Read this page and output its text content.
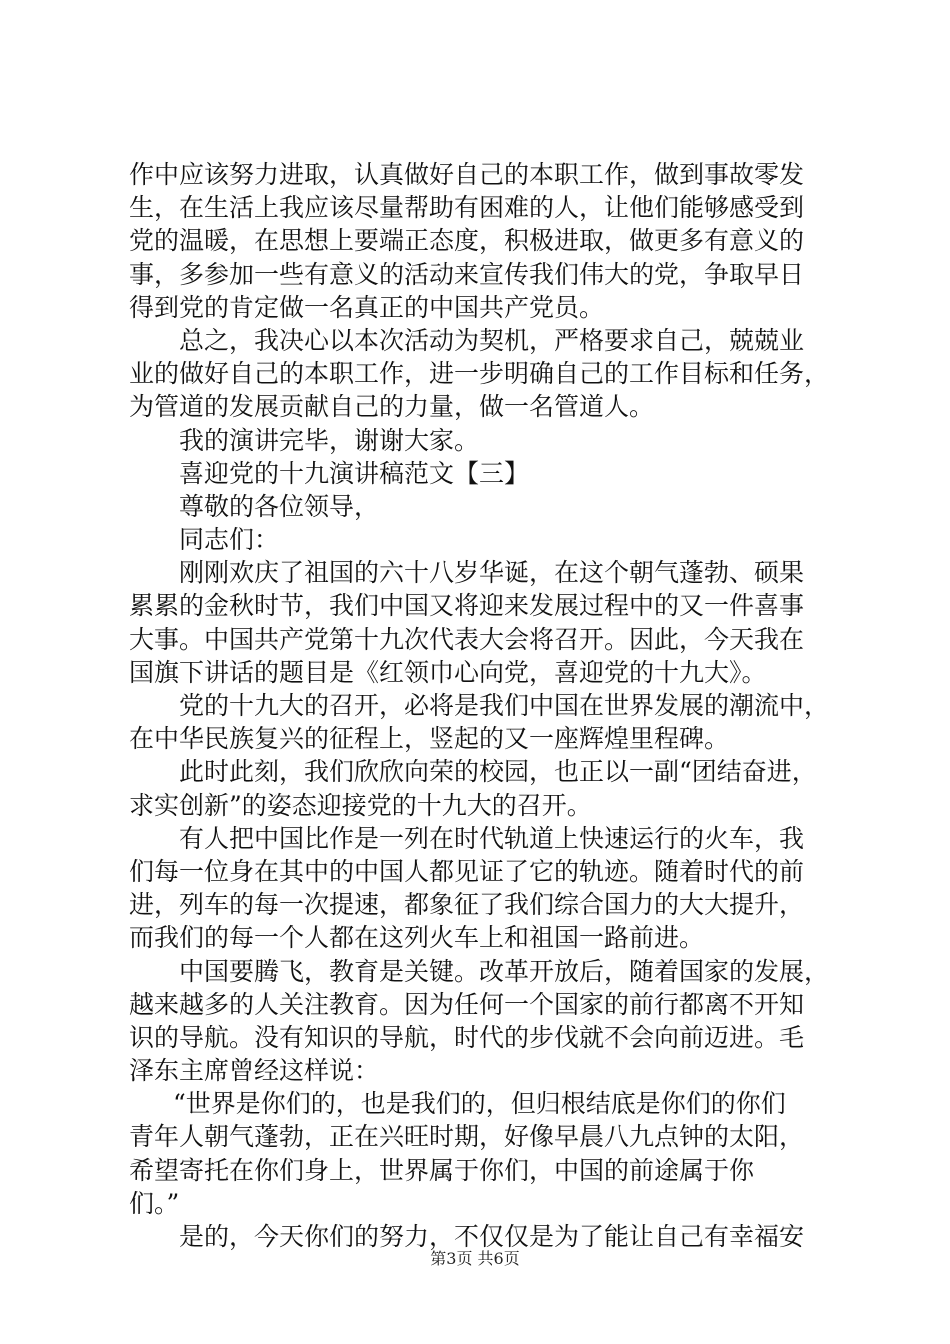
作中应该努力进取，认真做好自己的本职工作，做到事故零发
生，在生活上我应该尽量帮助有困难的人，让他们能够感受到
党的温暖，在思想上要端正态度，积极进取，做更多有意义的
事，多参加一些有意义的活动来宣传我们伟大的党，争取早日
得到党的肯定做一名真正的中国共产党员。
总之，我决心以本次活动为契机，严格要求自己，兢兢业
业的做好自己的本职工作，进一步明确自己的工作目标和任务，
为管道的发展贡献自己的力量，做一名管道人。
我的演讲完毕，谢谢大家。
喜迎党的十九演讲稿范文【三】
尊敬的各位领导，
同志们：
刚刚欢庆了祖国的六十八岁华诞，在这个朝气蓬勃、硕果
累累的金秋时节，我们中国又将迎来发展过程中的又一件喜事
大事。中国共产党第十九次代表大会将召开。因此，今天我在
国旗下讲话的题目是《红领巾心向党，喜迎党的十九大》。
党的十九大的召开，必将是我们中国在世界发展的潮流中，
在中华民族复兴的征程上，竖起的又一座辉煌里程碑。
此时此刻，我们欣欣向荣的校园，也正以一副“团结奋进，
求实创新”的姿态迎接党的十九大的召开。
有人把中国比作是一列在时代轨道上快速运行的火车，我
们每一位身在其中的中国人都见证了它的轨迹。随着时代的前
进，列车的每一次提速，都象征了我们综合国力的大大提升，
而我们的每一个人都在这列火车上和祖国一路前进。
中国要腾飞，教育是关键。改革开放后，随着国家的发展，
越来越多的人关注教育。因为任何一个国家的前行都离不开知
识的导航。没有知识的导航，时代的步伐就不会向前迈进。毛
泽东主席曾经这样说：
“世界是你们的，也是我们的，但归根结底是你们的你们
青年人朝气蓬勃，正在兴旺时期，好像早晨八九点钟的太阳，
希望寄托在你们身上，世界属于你们，中国的前途属于你
们。”
是的，今天你们的努力，不仅仅是为了能让自己有幸福安
第3页 共6页
